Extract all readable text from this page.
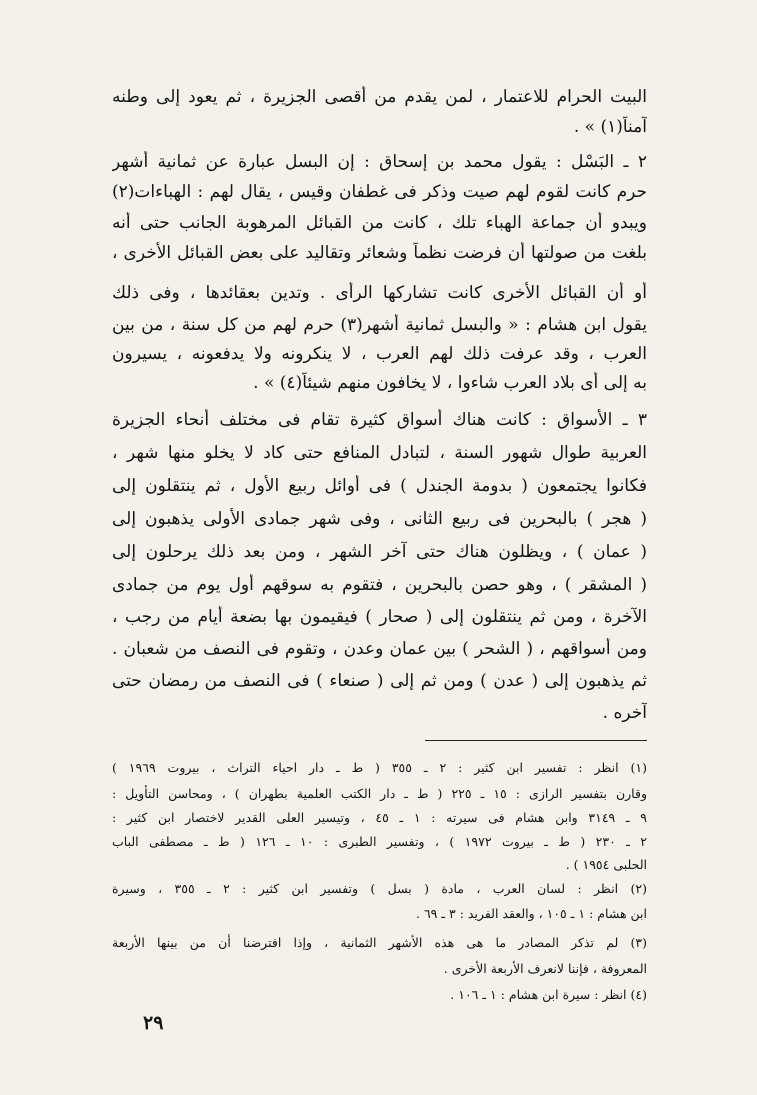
البيت الحرام للاعتمار ، لمن يقدم من أقصى الجزيرة ، ثم يعود إلى وطنه
آمناً(١) » .
٢ ـ البَسْل : يقول محمد بن إسحاق : إن البسل عبارة عن ثمانية أشهر
حرم كانت لقوم لهم صيت وذكر فى غطفان وقيس ، يقال لهم : الهباءات(٢)
ويبدو أن جماعة الهباء تلك ، كانت من القبائل المرهوبة الجانب حتى أنه
بلغت من صولتها أن فرضت نظماً وشعائر وتقاليد على بعض القبائل الأخرى ،
أو أن القبائل الأخرى كانت تشاركها الرأى . وتدين بعقائدها ، وفى ذلك
يقول ابن هشام : « والبسل ثمانية أشهر(٣) حرم لهم من كل سنة ، من بين
العرب ، وقد عرفت ذلك لهم العرب ، لا ينكرونه ولا يدفعونه ، يسيرون
به إلى أى بلاد العرب شاءوا ، لا يخافون منهم شيئاً(٤) » .
٣ ـ الأسواق : كانت هناك أسواق كثيرة تقام فى مختلف أنحاء الجزيرة
العربية طوال شهور السنة ، لتبادل المنافع حتى كاد لا يخلو منها شهر ،
فكانوا يجتمعون ( بدومة الجندل ) فى أوائل ربيع الأول ، ثم ينتقلون إلى
( هجر ) بالبحرين فى ربيع الثانى ، وفى شهر جمادى الأولى يذهبون إلى
( عمان ) ، ويظلون هناك حتى آخر الشهر ، ومن بعد ذلك يرحلون إلى
( المشقر ) ، وهو حصن بالبحرين ، فتقوم به سوقهم أول يوم من جمادى
الآخرة ، ومن ثم ينتقلون إلى ( صحار ) فيقيمون بها بضعة أيام من رجب ،
ومن أسواقهم ، ( الشحر ) بين عمان وعدن ، وتقوم فى النصف من شعبان .
ثم يذهبون إلى ( عدن ) ومن ثم إلى ( صنعاء ) فى النصف من رمضان حتى
آخره .
(١) انظر : تفسير ابن كثير : ٢ ـ ٣٥٥ ( ط ـ دار احياء التراث ، بيروت ١٩٦٩ )
وقارن بتفسير الرازى : ١٥ ـ ٢٢٥ ( ط ـ دار الكتب العلمية بطهران ) ، ومحاسن التأويل :
٩ ـ ٣١٤٩ وابن هشام فى سيرته : ١ ـ ٤٥ ، وتيسير العلى القدير لاختصار ابن كثير :
٢ ـ ٢٣٠ ( ط ـ بيروت ١٩٧٢ ) ، وتفسير الطبرى : ١٠ ـ ١٢٦ ( ط ـ مصطفى الباب
الحلبى ١٩٥٤ ) .
(٢) انظر : لسان العرب ، مادة ( بسل ) وتفسير ابن كثير : ٢ ـ ٣٥٥ ، وسيرة
ابن هشام : ١ ـ ١٠٥ ، والعقد الفريد : ٣ ـ ٦٩ .
(٣) لم تذكر المصادر ما هى هذه الأشهر الثمانية ، وإذا افترضنا أن من بينها الأربعة
المعروفة ، فإننا لانعرف الأربعة الأخرى .
(٤) انظر : سيرة ابن هشام : ١ ـ ١٠٦ .
٢٩
